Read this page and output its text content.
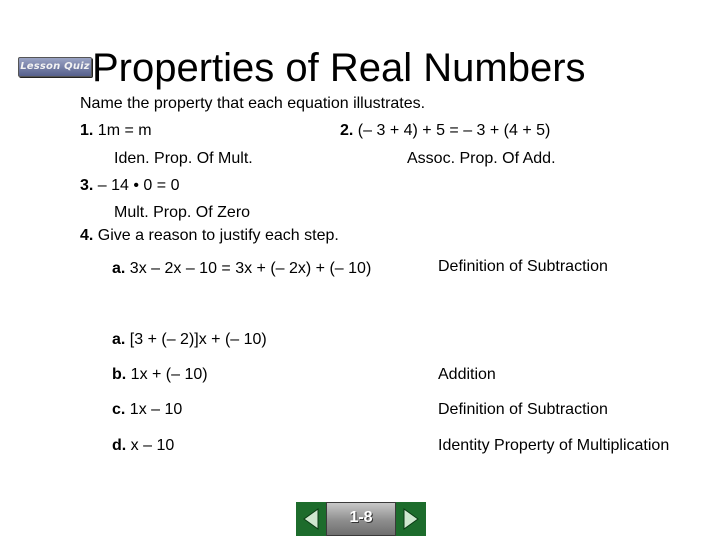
Lesson Quiz Properties of Real Numbers
Name the property that each equation illustrates.
1. 1m = m	2. (– 3 + 4) + 5 = – 3 + (4 + 5)
Iden. Prop. Of Mult.	Assoc. Prop. Of Add.
3. – 14 • 0 = 0
Mult. Prop. Of Zero
4. Give a reason to justify each step.
a. 3x – 2x – 10 = 3x + (– 2x) + (– 10)	Definition of Subtraction
a. [3 + (– 2)]x + (– 10)
b. 1x + (– 10)	Addition
c. 1x – 10	Definition of Subtraction
d. x – 10	Identity Property of Multiplication
1-8
